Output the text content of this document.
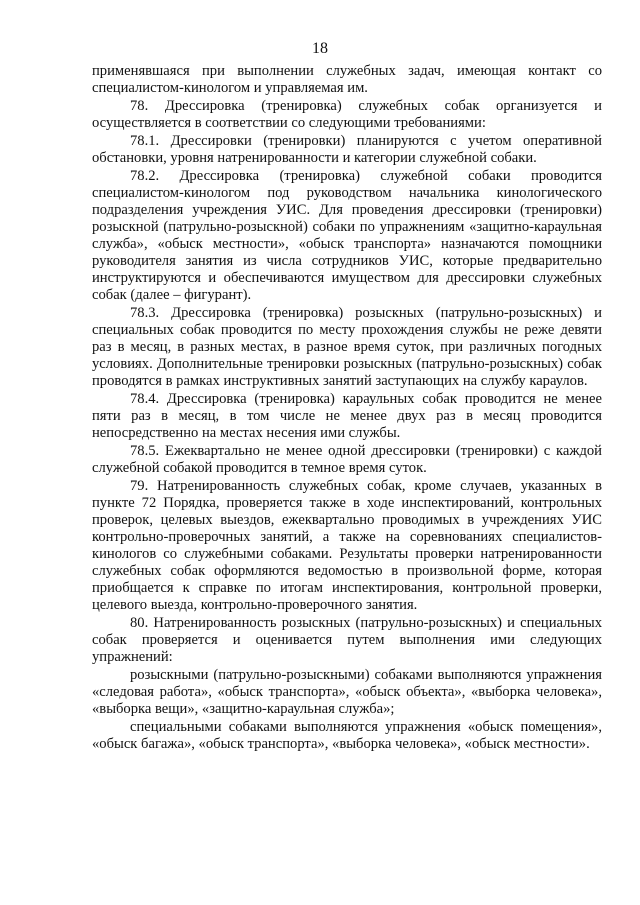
18

применявшаяся при выполнении служебных задач, имеющая контакт со специалистом-кинологом и управляемая им.

78. Дрессировка (тренировка) служебных собак организуется и осуществляется в соответствии со следующими требованиями:

78.1. Дрессировки (тренировки) планируются с учетом оперативной обстановки, уровня натренированности и категории служебной собаки.

78.2. Дрессировка (тренировка) служебной собаки проводится специалистом-кинологом под руководством начальника кинологического подразделения учреждения УИС. Для проведения дрессировки (тренировки) розыскной (патрульно-розыскной) собаки по упражнениям «защитно-караульная служба», «обыск местности», «обыск транспорта» назначаются помощники руководителя занятия из числа сотрудников УИС, которые предварительно инструктируются и обеспечиваются имуществом для дрессировки служебных собак (далее – фигурант).

78.3. Дрессировка (тренировка) розыскных (патрульно-розыскных) и специальных собак проводится по месту прохождения службы не реже девяти раз в месяц, в разных местах, в разное время суток, при различных погодных условиях. Дополнительные тренировки розыскных (патрульно-розыскных) собак проводятся в рамках инструктивных занятий заступающих на службу караулов.

78.4. Дрессировка (тренировка) караульных собак проводится не менее пяти раз в месяц, в том числе не менее двух раз в месяц проводится непосредственно на местах несения ими службы.

78.5. Ежеквартально не менее одной дрессировки (тренировки) с каждой служебной собакой проводится в темное время суток.

79. Натренированность служебных собак, кроме случаев, указанных в пункте 72 Порядка, проверяется также в ходе инспектирований, контрольных проверок, целевых выездов, ежеквартально проводимых в учреждениях УИС контрольно-проверочных занятий, а также на соревнованиях специалистов-кинологов со служебными собаками. Результаты проверки натренированности служебных собак оформляются ведомостью в произвольной форме, которая приобщается к справке по итогам инспектирования, контрольной проверки, целевого выезда, контрольно-проверочного занятия.

80. Натренированность розыскных (патрульно-розыскных) и специальных собак проверяется и оценивается путем выполнения ими следующих упражнений:

розыскными (патрульно-розыскными) собаками выполняются упражнения «следовая работа», «обыск транспорта», «обыск объекта», «выборка человека», «выборка вещи», «защитно-караульная служба»;

специальными собаками выполняются упражнения «обыск помещения», «обыск багажа», «обыск транспорта», «выборка человека», «обыск местности».
